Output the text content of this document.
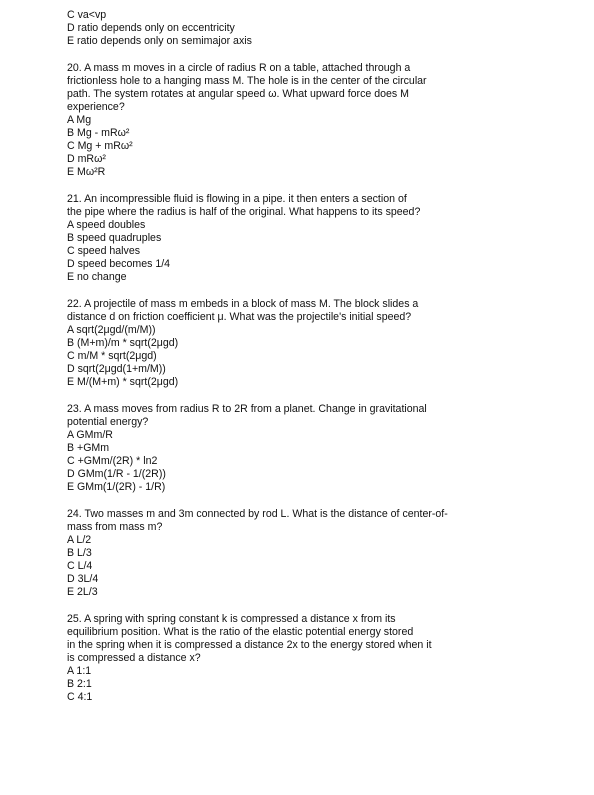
C va<vp
D ratio depends only on eccentricity
E ratio depends only on semimajor axis
20. A mass m moves in a circle of radius R on a table, attached through a
frictionless hole to a hanging mass M. The hole is in the center of the circular
path. The system rotates at angular speed ω. What upward force does M
experience?
A Mg
B Mg - mRω²
C Mg + mRω²
D mRω²
E Mω²R
21. An incompressible fluid is flowing in a pipe. it then enters a section of
the pipe where the radius is half of the original. What happens to its speed?
A speed doubles
B speed quadruples
C speed halves
D speed becomes 1/4
E no change
22. A projectile of mass m embeds in a block of mass M. The block slides a
distance d on friction coefficient μ. What was the projectile's initial speed?
A sqrt(2μgd/(m/M))
B (M+m)/m * sqrt(2μgd)
C m/M * sqrt(2μgd)
D sqrt(2μgd(1+m/M))
E M/(M+m) * sqrt(2μgd)
23. A mass moves from radius R to 2R from a planet. Change in gravitational
potential energy?
A GMm/R
B +GMm
C +GMm/(2R) * ln2
D GMm(1/R - 1/(2R))
E GMm(1/(2R) - 1/R)
24. Two masses m and 3m connected by rod L. What is the distance of center-of-
mass from mass m?
A L/2
B L/3
C L/4
D 3L/4
E 2L/3
25. A spring with spring constant k is compressed a distance x from its
equilibrium position. What is the ratio of the elastic potential energy stored
in the spring when it is compressed a distance 2x to the energy stored when it
is compressed a distance x?
A 1:1
B 2:1
C 4:1
